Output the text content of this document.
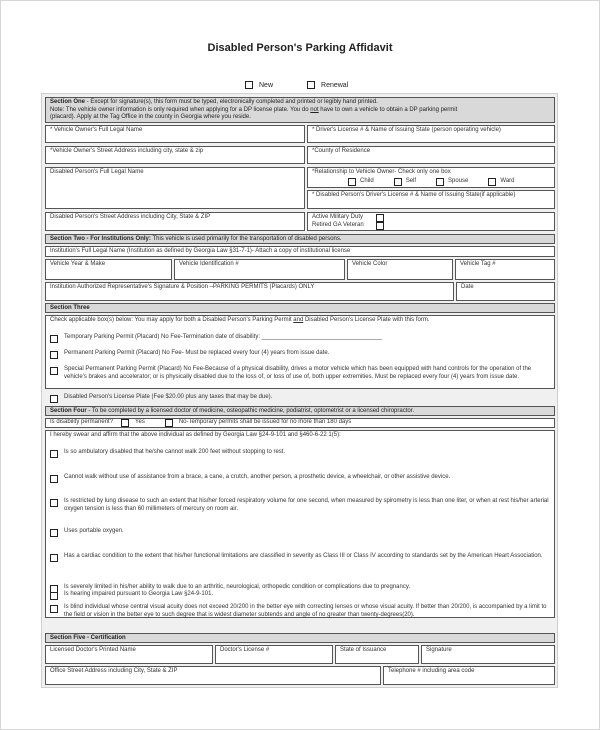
Disabled Person's Parking Affidavit
New	Renewal
Section One - Except for signature(s), this form must be typed, electronically completed and printed or legibly hand printed.
Note: The vehicle owner information is only required when applying for a DP license plate. You do not have to own a vehicle to obtain a DP parking permit
(placard). Apply at the Tag Office in the county in Georgia where you reside.
* Vehicle Owner's Full Legal Name	* Driver's License # & Name of Issuing State (person operating vehicle)
*Vehicle Owner's Street Address including city, state & zip	*County of Residence
Disabled Person's Full Legal Name	*Relationship to Vehicle Owner- Check only one box
Child	Self	Spouse	Ward
* Disabled Person's Driver's License # & Name of Issuing State(if applicable)
Disabled Person's Street Address including City, State & ZIP	Active Military Duty
Retired GA Veteran
Section Two - For Institutions Only: This vehicle is used primarily for the transportation of disabled persons.
Institution's Full Legal Name (Institution as defined by Georgia Law §31-7-1)- Attach a copy of institutional license
Vehicle Year & Make	Vehicle Identification #	Vehicle Color	Vehicle Tag #
Institution Authorized Representative's Signature & Position –PARKING PERMITS (Placards) ONLY	Date
Section Three
Check applicable box(s) below: You may apply for both a Disabled Person's Parking Permit and Disabled Person's License Plate with this form.
Temporary Parking Permit (Placard) No Fee-Termination date of disability: ____________________________________
Permanent Parking Permit (Placard) No Fee- Must be replaced every four (4) years from issue date.
Special Permanent Parking Permit (Placard) No Fee-Because of a physical disability, drives a motor vehicle which has been equipped with hand controls for the operation of the vehicle's brakes and accelerator; or is physically disabled due to the loss of, or loss of use of, both upper extremities. Must be replaced every four (4) years from issue date.
Disabled Person's License Plate (Fee $20.00 plus any taxes that may be due).
Section Four - To be completed by a licensed doctor of medicine, osteopathic medicine, podiatrist, optometrist or a licensed chiropractor.
Is disability permanent?	Yes	No-Temporary permits shall be issued for no more than 180 days
I hereby swear and affirm that the above individual as defined by Georgia Law §24-9-101 and §460-6-22 1(5):
Is so ambulatory disabled that he/she cannot walk 200 feet without stopping to rest.
Cannot walk without use of assistance from a brace, a cane, a crutch, another person, a prosthetic device, a wheelchair, or other assistive device.
Is restricted by lung disease to such an extent that his/her forced respiratory volume for one second, when measured by spirometry is less than one liter, or when at rest his/her arterial oxygen tension is less than 60 millimeters of mercury on room air.
Uses portable oxygen.
Has a cardiac condition to the extent that his/her functional limitations are classified in severity as Class III or Class IV according to standards set by the American Heart Association.
Is severely limited in his/her ability to walk due to an arthritic, neurological, orthopedic condition or complications due to pregnancy.
Is hearing impaired pursuant to Georgia Law §24-9-101.
Is blind individual whose central visual acuity does not exceed 20/200 in the better eye with correcting lenses or whose visual acuity. If better than 20/200, is accompanied by a limit to the field or vision in the better eye to such degree that is widest diameter subtends and angle of no greater than twenty-degrees(20).
Section Five - Certification
Licensed Doctor's Printed Name	Doctor's License #	State of Issuance	Signature
Office Street Address including City, State & ZIP	Telephone # including area code
